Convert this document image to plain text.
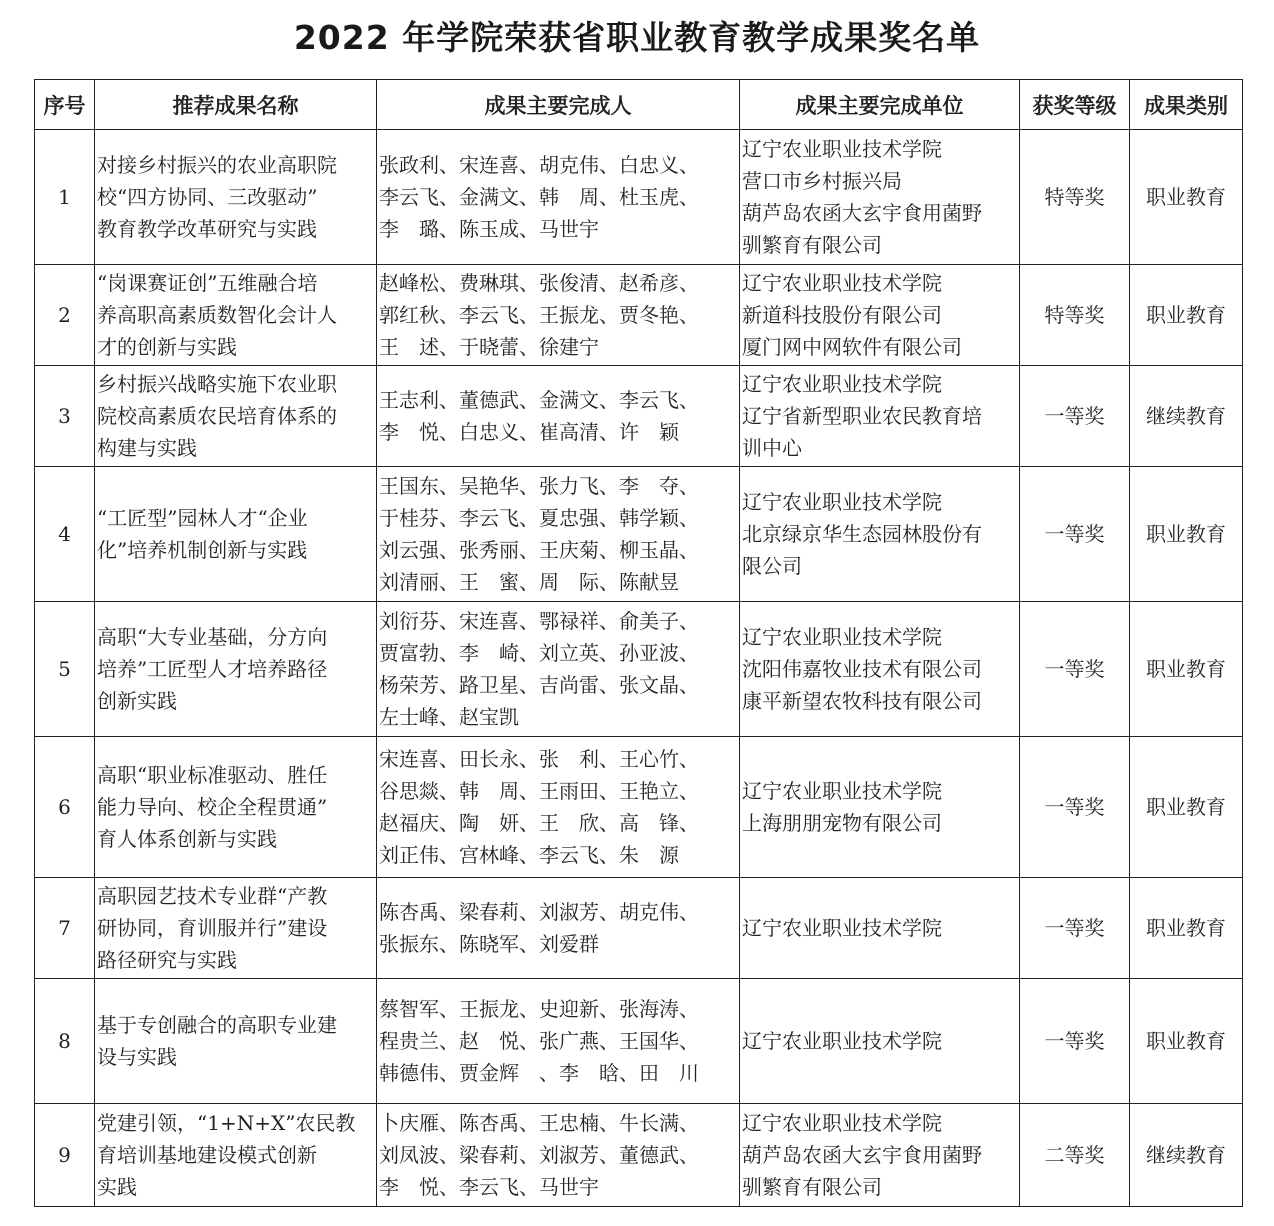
2022 年学院荣获省职业教育教学成果奖名单
序号	推荐成果名称	成果主要完成人	成果主要完成单位	获奖等级	成果类别
1	对接乡村振兴的农业高职院
校“四方协同、三改驱动”
教育教学改革研究与实践	张政利、宋连喜、胡克伟、白忠义、
李云飞、金满文、韩　周、杜玉虎、
李　璐、陈玉成、马世宇	辽宁农业职业技术学院
营口市乡村振兴局
葫芦岛农函大玄宇食用菌野
驯繁育有限公司	特等奖	职业教育
2	“岗课赛证创”五维融合培
养高职高素质数智化会计人
才的创新与实践	赵峰松、费琳琪、张俊清、赵希彦、
郭红秋、李云飞、王振龙、贾冬艳、
王　述、于晓蕾、徐建宁	辽宁农业职业技术学院
新道科技股份有限公司
厦门网中网软件有限公司	特等奖	职业教育
3	乡村振兴战略实施下农业职
院校高素质农民培育体系的
构建与实践	王志利、董德武、金满文、李云飞、
李　悦、白忠义、崔高清、许　颖	辽宁农业职业技术学院
辽宁省新型职业农民教育培
训中心	一等奖	继续教育
4	“工匠型”园林人才“企业
化”培养机制创新与实践	王国东、吴艳华、张力飞、李　夺、
于桂芬、李云飞、夏忠强、韩学颖、
刘云强、张秀丽、王庆菊、柳玉晶、
刘清丽、王　蜜、周　际、陈献昱	辽宁农业职业技术学院
北京绿京华生态园林股份有
限公司	一等奖	职业教育
5	高职“大专业基础，分方向
培养”工匠型人才培养路径
创新实践	刘衍芬、宋连喜、鄂禄祥、俞美子、
贾富勃、李　崎、刘立英、孙亚波、
杨荣芳、路卫星、吉尚雷、张文晶、
左士峰、赵宝凯	辽宁农业职业技术学院
沈阳伟嘉牧业技术有限公司
康平新望农牧科技有限公司	一等奖	职业教育
6	高职“职业标准驱动、胜任
能力导向、校企全程贯通”
育人体系创新与实践	宋连喜、田长永、张　利、王心竹、
谷思燚、韩　周、王雨田、王艳立、
赵福庆、陶　妍、王　欣、高　锋、
刘正伟、宫林峰、李云飞、朱　源	辽宁农业职业技术学院
上海朋朋宠物有限公司	一等奖	职业教育
7	高职园艺技术专业群“产教
研协同，育训服并行”建设
路径研究与实践	陈杏禹、梁春莉、刘淑芳、胡克伟、
张振东、陈晓军、刘爱群	辽宁农业职业技术学院	一等奖	职业教育
8	基于专创融合的高职专业建
设与实践	蔡智军、王振龙、史迎新、张海涛、
程贵兰、赵　悦、张广燕、王国华、
韩德伟、贾金辉　、李　晗、田　川	辽宁农业职业技术学院	一等奖	职业教育
9	党建引领，“1+N+X”农民教
育培训基地建设模式创新
实践	卜庆雁、陈杏禹、王忠楠、牛长满、
刘凤波、梁春莉、刘淑芳、董德武、
李　悦、李云飞、马世宇	辽宁农业职业技术学院
葫芦岛农函大玄宇食用菌野
驯繁育有限公司	二等奖	继续教育
